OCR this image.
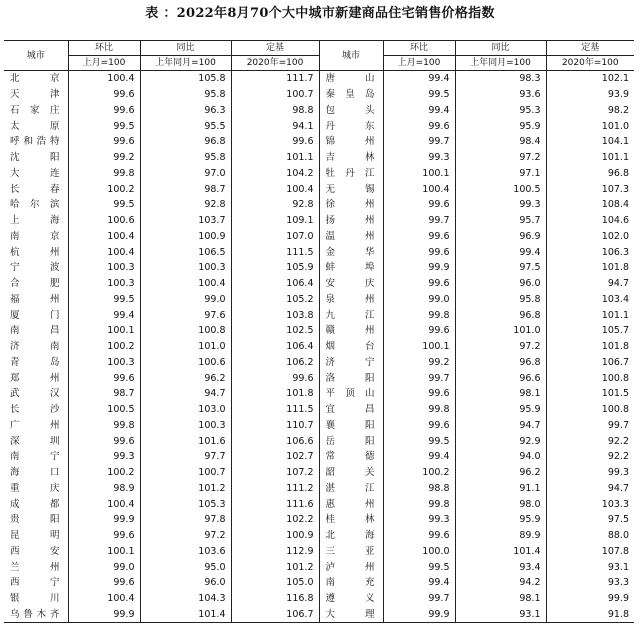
表 ：2022年8月70个大中城市新建商品住宅销售价格指数
城市	环比	同比	定基	城市	环比	同比	定基
	上月=100	上年同月=100	2020年=100		上月=100	上年同月=100	2020年=100
北京	100.4	105.8	111.7	唐山	99.4	98.3	102.1
天津	99.6	95.8	100.7	秦皇岛	99.5	93.6	93.9
石家庄	99.6	96.3	98.8	包头	99.4	95.3	98.2
太原	99.5	95.5	94.1	丹东	99.6	95.9	101.0
呼和浩特	99.6	96.8	99.6	锦州	99.7	98.4	104.1
沈阳	99.2	95.8	101.1	吉林	99.3	97.2	101.1
大连	99.8	97.0	104.2	牡丹江	100.1	97.1	96.8
长春	100.2	98.7	100.4	无锡	100.4	100.5	107.3
哈尔滨	99.5	92.8	92.8	徐州	99.6	99.3	108.4
上海	100.6	103.7	109.1	扬州	99.7	95.7	104.6
南京	100.4	100.9	107.0	温州	99.6	96.9	102.0
杭州	100.4	106.5	111.5	金华	99.6	99.4	106.3
宁波	100.3	100.3	105.9	蚌埠	99.9	97.5	101.8
合肥	100.3	100.4	106.4	安庆	99.6	96.0	94.7
福州	99.5	99.0	105.2	泉州	99.0	95.8	103.4
厦门	99.4	97.6	103.8	九江	99.8	96.8	101.1
南昌	100.1	100.8	102.5	赣州	99.6	101.0	105.7
济南	100.2	101.0	106.4	烟台	100.1	97.2	101.8
青岛	100.3	100.6	106.2	济宁	99.2	96.8	106.7
郑州	99.6	96.2	99.6	洛阳	99.7	96.6	100.8
武汉	98.7	94.7	101.8	平顶山	99.6	98.1	101.5
长沙	100.5	103.0	111.5	宜昌	99.8	95.9	100.8
广州	99.8	100.3	110.7	襄阳	99.6	94.7	99.7
深圳	99.6	101.6	106.6	岳阳	99.5	92.9	92.2
南宁	99.3	97.7	102.7	常德	99.4	94.0	92.2
海口	100.2	100.7	107.2	韶关	100.2	96.2	99.3
重庆	98.9	101.2	111.2	湛江	98.8	91.1	94.7
成都	100.4	105.3	111.6	惠州	99.8	98.0	103.3
贵阳	99.9	97.8	102.2	桂林	99.3	95.9	97.5
昆明	99.6	97.2	100.9	北海	99.6	89.9	88.0
西安	100.1	103.6	112.9	三亚	100.0	101.4	107.8
兰州	99.0	95.0	101.2	泸州	99.5	93.4	93.1
西宁	99.6	96.0	105.0	南充	99.4	94.2	93.3
银川	100.4	104.3	116.8	遵义	99.7	98.1	99.9
乌鲁木齐	99.9	101.4	106.7	大理	99.9	93.1	91.8
